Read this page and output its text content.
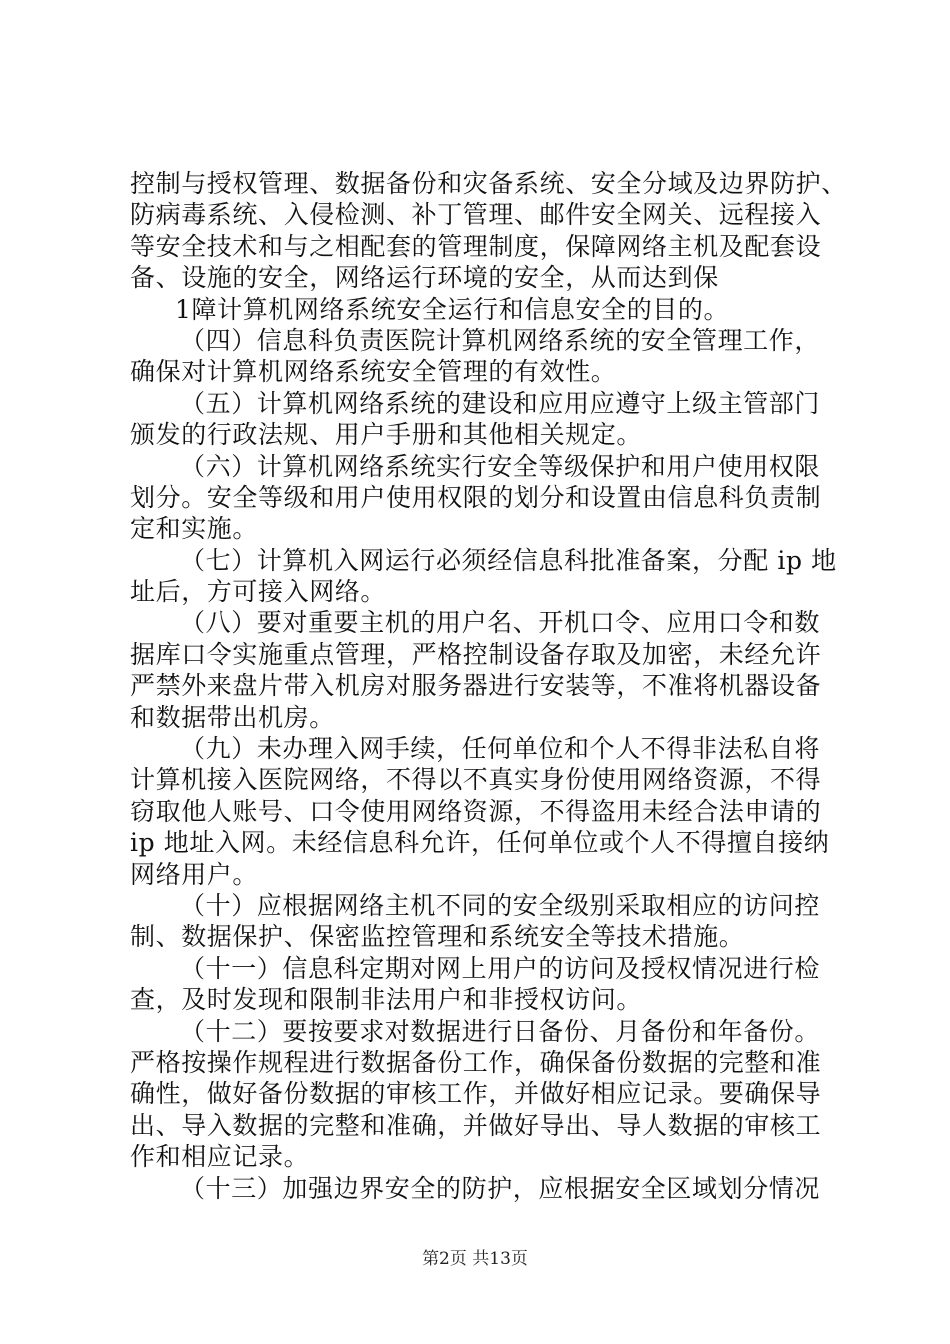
控制与授权管理、数据备份和灾备系统、安全分域及边界防护、
防病毒系统、入侵检测、补丁管理、邮件安全网关、远程接入
等安全技术和与之相配套的管理制度，保障网络主机及配套设
备、设施的安全，网络运行环境的安全，从而达到保
1障计算机网络系统安全运行和信息安全的目的。
（四）信息科负责医院计算机网络系统的安全管理工作，
确保对计算机网络系统安全管理的有效性。
（五）计算机网络系统的建设和应用应遵守上级主管部门
颁发的行政法规、用户手册和其他相关规定。
（六）计算机网络系统实行安全等级保护和用户使用权限
划分。安全等级和用户使用权限的划分和设置由信息科负责制
定和实施。
（七）计算机入网运行必须经信息科批准备案，分配 ip 地
址后，方可接入网络。
（八）要对重要主机的用户名、开机口令、应用口令和数
据库口令实施重点管理，严格控制设备存取及加密，未经允许
严禁外来盘片带入机房对服务器进行安装等，不准将机器设备
和数据带出机房。
（九）未办理入网手续，任何单位和个人不得非法私自将
计算机接入医院网络，不得以不真实身份使用网络资源，不得
窃取他人账号、口令使用网络资源，不得盗用未经合法申请的
ip 地址入网。未经信息科允许，任何单位或个人不得擅自接纳
网络用户。
（十）应根据网络主机不同的安全级别采取相应的访问控
制、数据保护、保密监控管理和系统安全等技术措施。
（十一）信息科定期对网上用户的访问及授权情况进行检
查，及时发现和限制非法用户和非授权访问。
（十二）要按要求对数据进行日备份、月备份和年备份。
严格按操作规程进行数据备份工作，确保备份数据的完整和准
确性，做好备份数据的审核工作，并做好相应记录。要确保导
出、导入数据的完整和准确，并做好导出、导人数据的审核工
作和相应记录。
（十三）加强边界安全的防护，应根据安全区域划分情况
第2页 共13页
